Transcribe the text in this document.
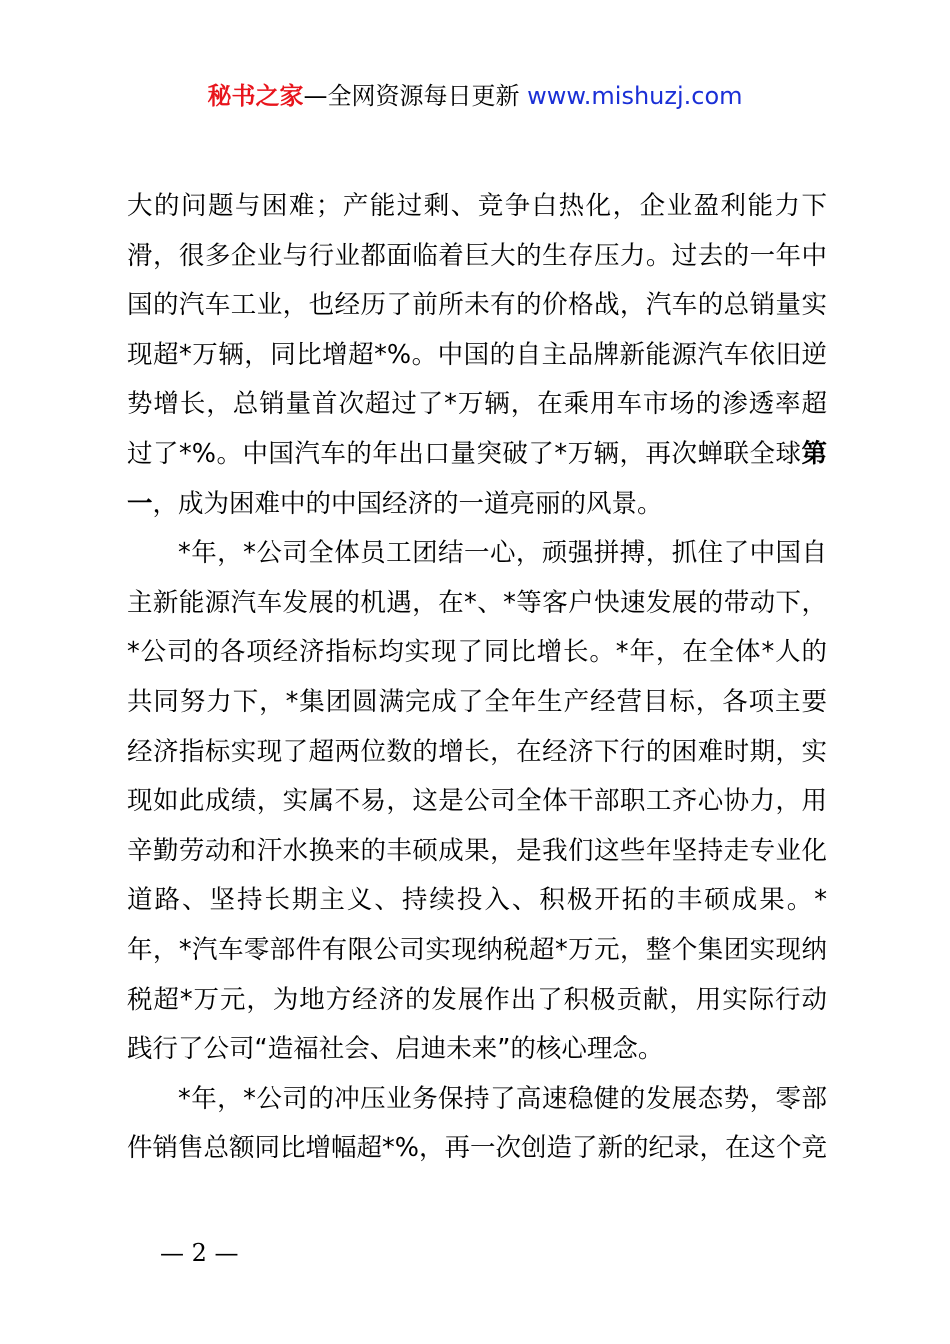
秘书之家—全网资源每日更新 www.mishuzj.com

大的问题与困难；产能过剩、竞争白热化，企业盈利能力下滑，很多企业与行业都面临着巨大的生存压力。过去的一年中国的汽车工业，也经历了前所未有的价格战，汽车的总销量实现超*万辆，同比增超*%。中国的自主品牌新能源汽车依旧逆势增长，总销量首次超过了*万辆，在乘用车市场的渗透率超过了*%。中国汽车的年出口量突破了*万辆，再次蝉联全球第一，成为困难中的中国经济的一道亮丽的风景。

*年，*公司全体员工团结一心，顽强拼搏，抓住了中国自主新能源汽车发展的机遇，在*、*等客户快速发展的带动下，*公司的各项经济指标均实现了同比增长。*年，在全体*人的共同努力下，*集团圆满完成了全年生产经营目标，各项主要经济指标实现了超两位数的增长，在经济下行的困难时期，实现如此成绩，实属不易，这是公司全体干部职工齐心协力，用辛勤劳动和汗水换来的丰硕成果，是我们这些年坚持走专业化道路、坚持长期主义、持续投入、积极开拓的丰硕成果。*年，*汽车零部件有限公司实现纳税超*万元，整个集团实现纳税超*万元，为地方经济的发展作出了积极贡献，用实际行动践行了公司“造福社会、启迪未来”的核心理念。

*年，*公司的冲压业务保持了高速稳健的发展态势，零部件销售总额同比增幅超*%，再一次创造了新的纪录，在这个竞

— 2 —
